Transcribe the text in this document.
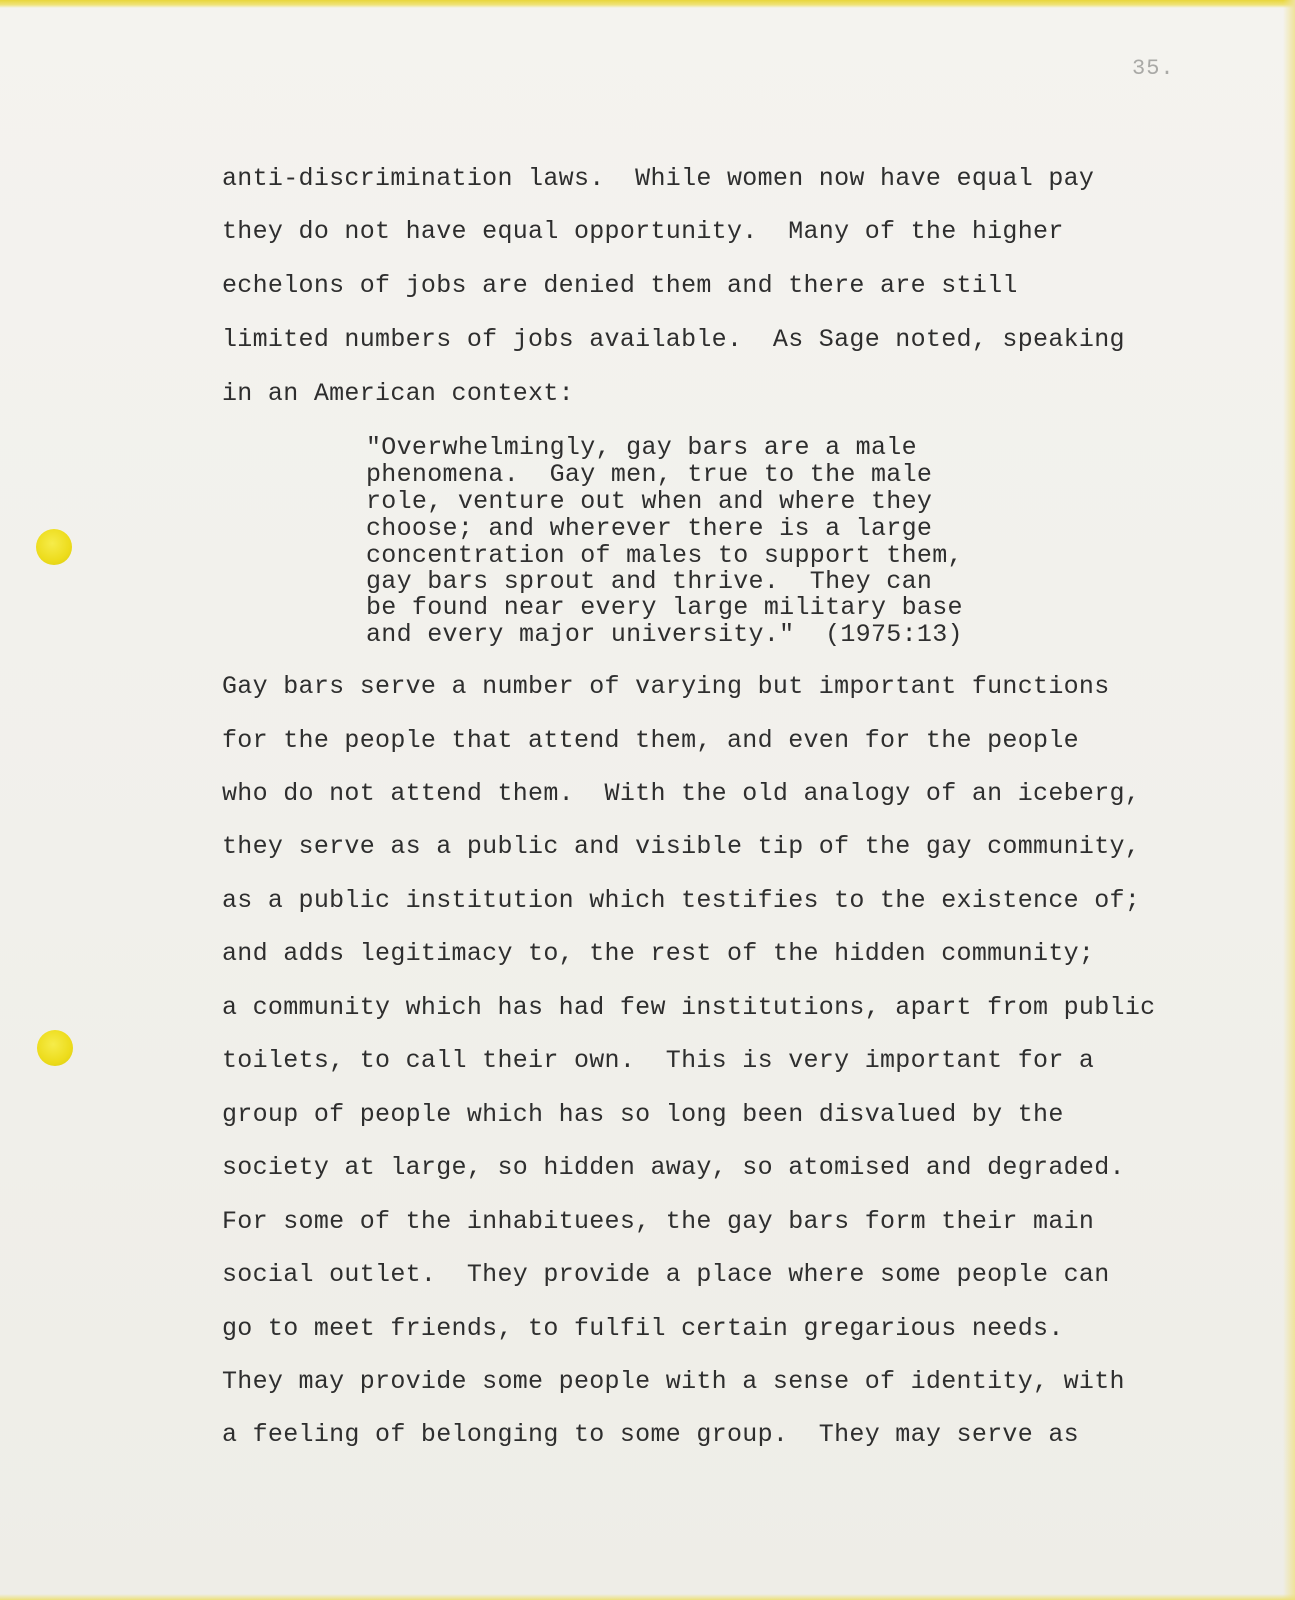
35.
anti-discrimination laws.  While women now have equal pay
they do not have equal opportunity.  Many of the higher
echelons of jobs are denied them and there are still
limited numbers of jobs available.  As Sage noted, speaking
in an American context:
"Overwhelmingly, gay bars are a male
phenomena.  Gay men, true to the male
role, venture out when and where they
choose; and wherever there is a large
concentration of males to support them,
gay bars sprout and thrive.  They can
be found near every large military base
and every major university."  (1975:13)
Gay bars serve a number of varying but important functions
for the people that attend them, and even for the people
who do not attend them.  With the old analogy of an iceberg,
they serve as a public and visible tip of the gay community,
as a public institution which testifies to the existence of;
and adds legitimacy to, the rest of the hidden community;
a community which has had few institutions, apart from public
toilets, to call their own.  This is very important for a
group of people which has so long been disvalued by the
society at large, so hidden away, so atomised and degraded.
For some of the inhabituees, the gay bars form their main
social outlet.  They provide a place where some people can
go to meet friends, to fulfil certain gregarious needs.
They may provide some people with a sense of identity, with
a feeling of belonging to some group.  They may serve as
